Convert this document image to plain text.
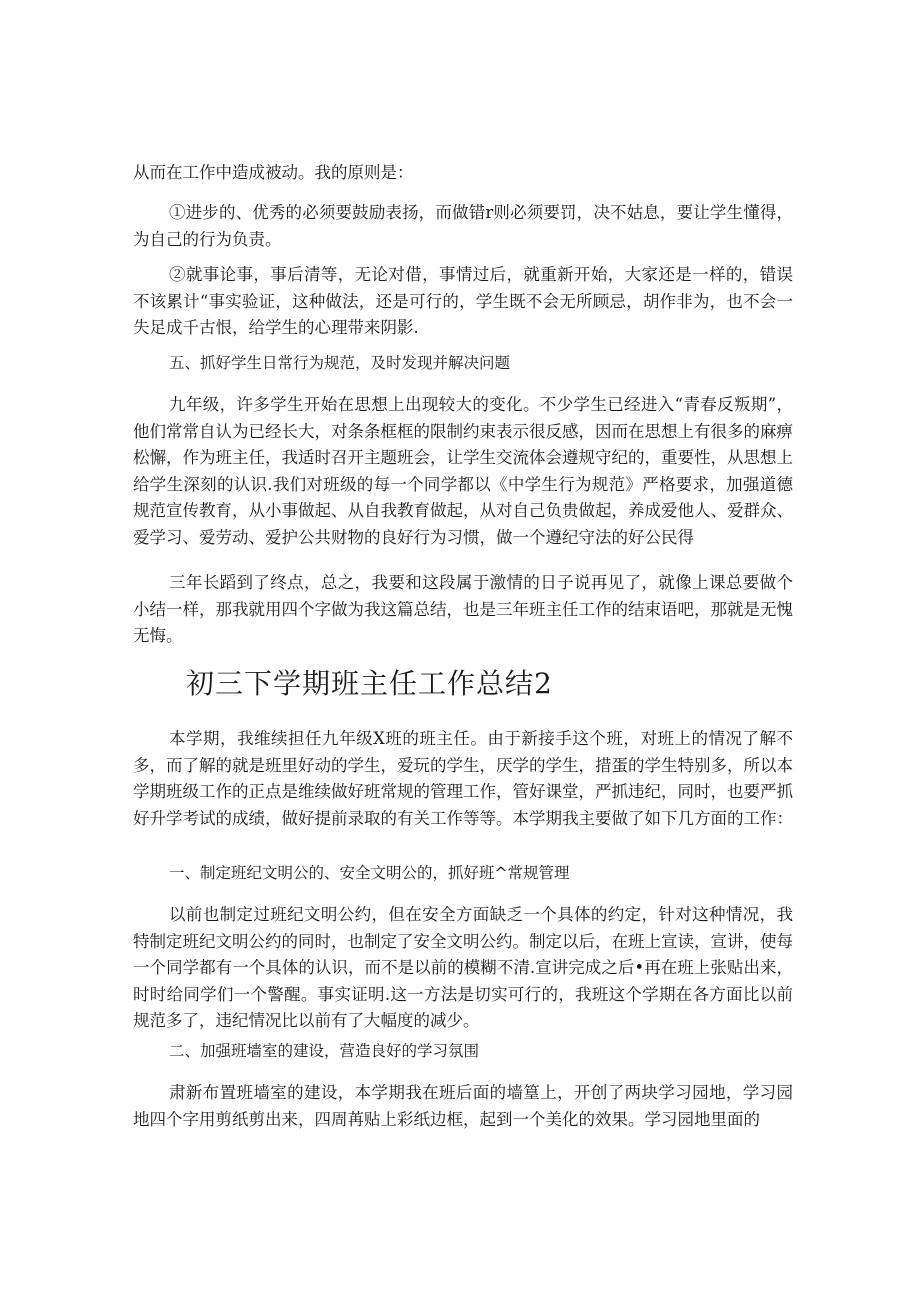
从而在工作中造成被动。我的原则是：

①进步的、优秀的必须要鼓励表扬，而做错r则必须要罚，决不姑息，要让学生懂得，为自己的行为负责。

②就事论事，事后清等，无论对借，事情过后，就重新开始，大家还是一样的，错误不该累计“事实验证，这种做法，还是可行的，学生既不会无所顾忌，胡作非为，也不会一失足成千古恨，给学生的心理带来阴影.

五、抓好学生日常行为规范，及时发现并解决问题

九年级，许多学生开始在思想上出现较大的变化。不少学生已经进入“青春反叛期”，他们常常自认为已经长大，对条条框框的限制约束表示很反感，因而在思想上有很多的麻痹松懈，作为班主任，我适时召开主题班会，让学生交流体会遵规守纪的，重要性，从思想上给学生深刻的认识.我们对班级的每一个同学都以《中学生行为规范》严格要求，加强道德规范宣传教育，从小事做起、从自我教育做起，从对自己负贵做起，养成爱他人、爱群众、爱学习、爱劳动、爱护公共财物的良好行为习惯，做一个遵纪守法的好公民得

三年长蹈到了终点，总之，我要和这段属于激情的日子说再见了，就像上课总要做个小结一样，那我就用四个字做为我这篇总结，也是三年班主任工作的结束语吧，那就是无愧无悔。

初三下学期班主任工作总结2

本学期，我维续担任九年级X班的班主任。由于新接手这个班，对班上的情况了解不多，而了解的就是班里好动的学生，爱玩的学生，厌学的学生，措蛋的学生特别多，所以本学期班级工作的正点是维续做好班常规的管理工作，管好课堂，严抓违纪，同时，也要严抓好升学考试的成绩，做好提前录取的有关工作等等。本学期我主要做了如下几方面的工作：

一、制定班纪文明公的、安全文明公的，抓好班^常规管理

以前也制定过班纪文明公约，但在安全方面缺乏一个具体的约定，针对这种情况，我特制定班纪文明公约的同时，也制定了安全文明公约。制定以后，在班上宣读，宣讲，使每一个同学都有一个具体的认识，而不是以前的模糊不清.宣讲完成之后•再在班上张贴出来，时时给同学们一个警醒。事实证明.这一方法是切实可行的，我班这个学期在各方面比以前规范多了，违纪情况比以前有了大幅度的减少。

二、加强班墙室的建设，营造良好的学习氛围

肃新布置班墙室的建设，本学期我在班后面的墙篁上，开创了两块学习园地，学习园地四个字用剪纸剪出来，四周苒贴上彩纸边框，起到一个美化的效果。学习园地里面的
